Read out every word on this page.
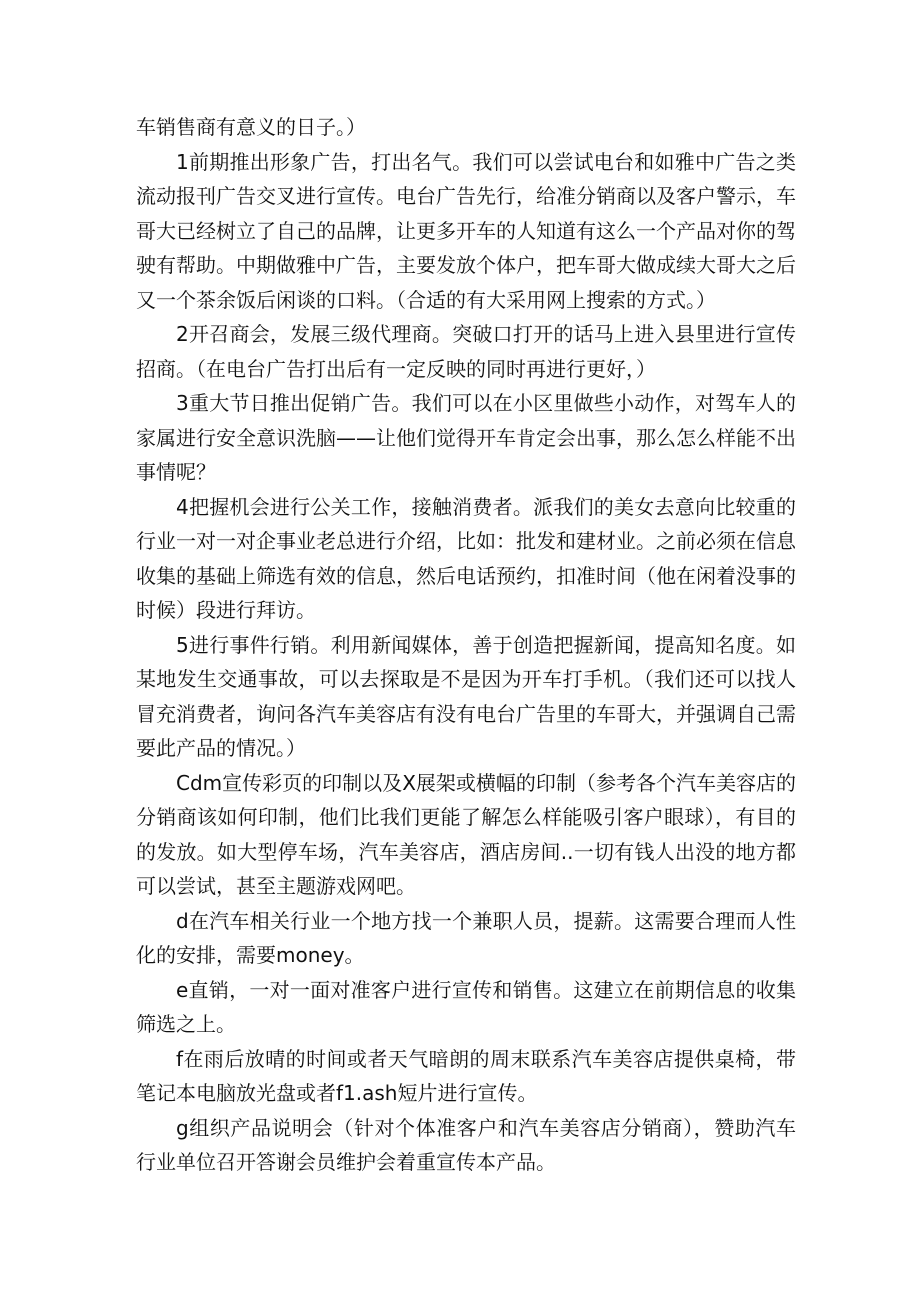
车销售商有意义的日子。）

1前期推出形象广告，打出名气。我们可以尝试电台和如雅中广告之类流动报刊广告交叉进行宣传。电台广告先行，给准分销商以及客户警示，车哥大已经树立了自己的品牌，让更多开车的人知道有这么一个产品对你的驾驶有帮助。中期做雅中广告，主要发放个体户，把车哥大做成续大哥大之后又一个茶余饭后闲谈的口料。（合适的有大采用网上搜索的方式。）

2开召商会，发展三级代理商。突破口打开的话马上进入县里进行宣传招商。（在电台广告打出后有一定反映的同时再进行更好，）

3重大节日推出促销广告。我们可以在小区里做些小动作，对驾车人的家属进行安全意识洗脑——让他们觉得开车肯定会出事，那么怎么样能不出事情呢？

4把握机会进行公关工作，接触消费者。派我们的美女去意向比较重的行业一对一对企事业老总进行介绍，比如：批发和建材业。之前必须在信息收集的基础上筛选有效的信息，然后电话预约，扣准时间（他在闲着没事的时候）段进行拜访。

5进行事件行销。利用新闻媒体，善于创造把握新闻，提高知名度。如某地发生交通事故，可以去探取是不是因为开车打手机。（我们还可以找人冒充消费者，询问各汽车美容店有没有电台广告里的车哥大，并强调自己需要此产品的情况。）

Cdm宣传彩页的印制以及X展架或横幅的印制（参考各个汽车美容店的分销商该如何印制，他们比我们更能了解怎么样能吸引客户眼球），有目的的发放。如大型停车场，汽车美容店，酒店房间..一切有钱人出没的地方都可以尝试，甚至主题游戏网吧。

d在汽车相关行业一个地方找一个兼职人员，提薪。这需要合理而人性化的安排，需要money。

e直销，一对一面对准客户进行宣传和销售。这建立在前期信息的收集筛选之上。

f在雨后放晴的时间或者天气暗朗的周末联系汽车美容店提供桌椅，带笔记本电脑放光盘或者f1.ash短片进行宣传。

g组织产品说明会（针对个体准客户和汽车美容店分销商），赞助汽车行业单位召开答谢会员维护会着重宣传本产品。
